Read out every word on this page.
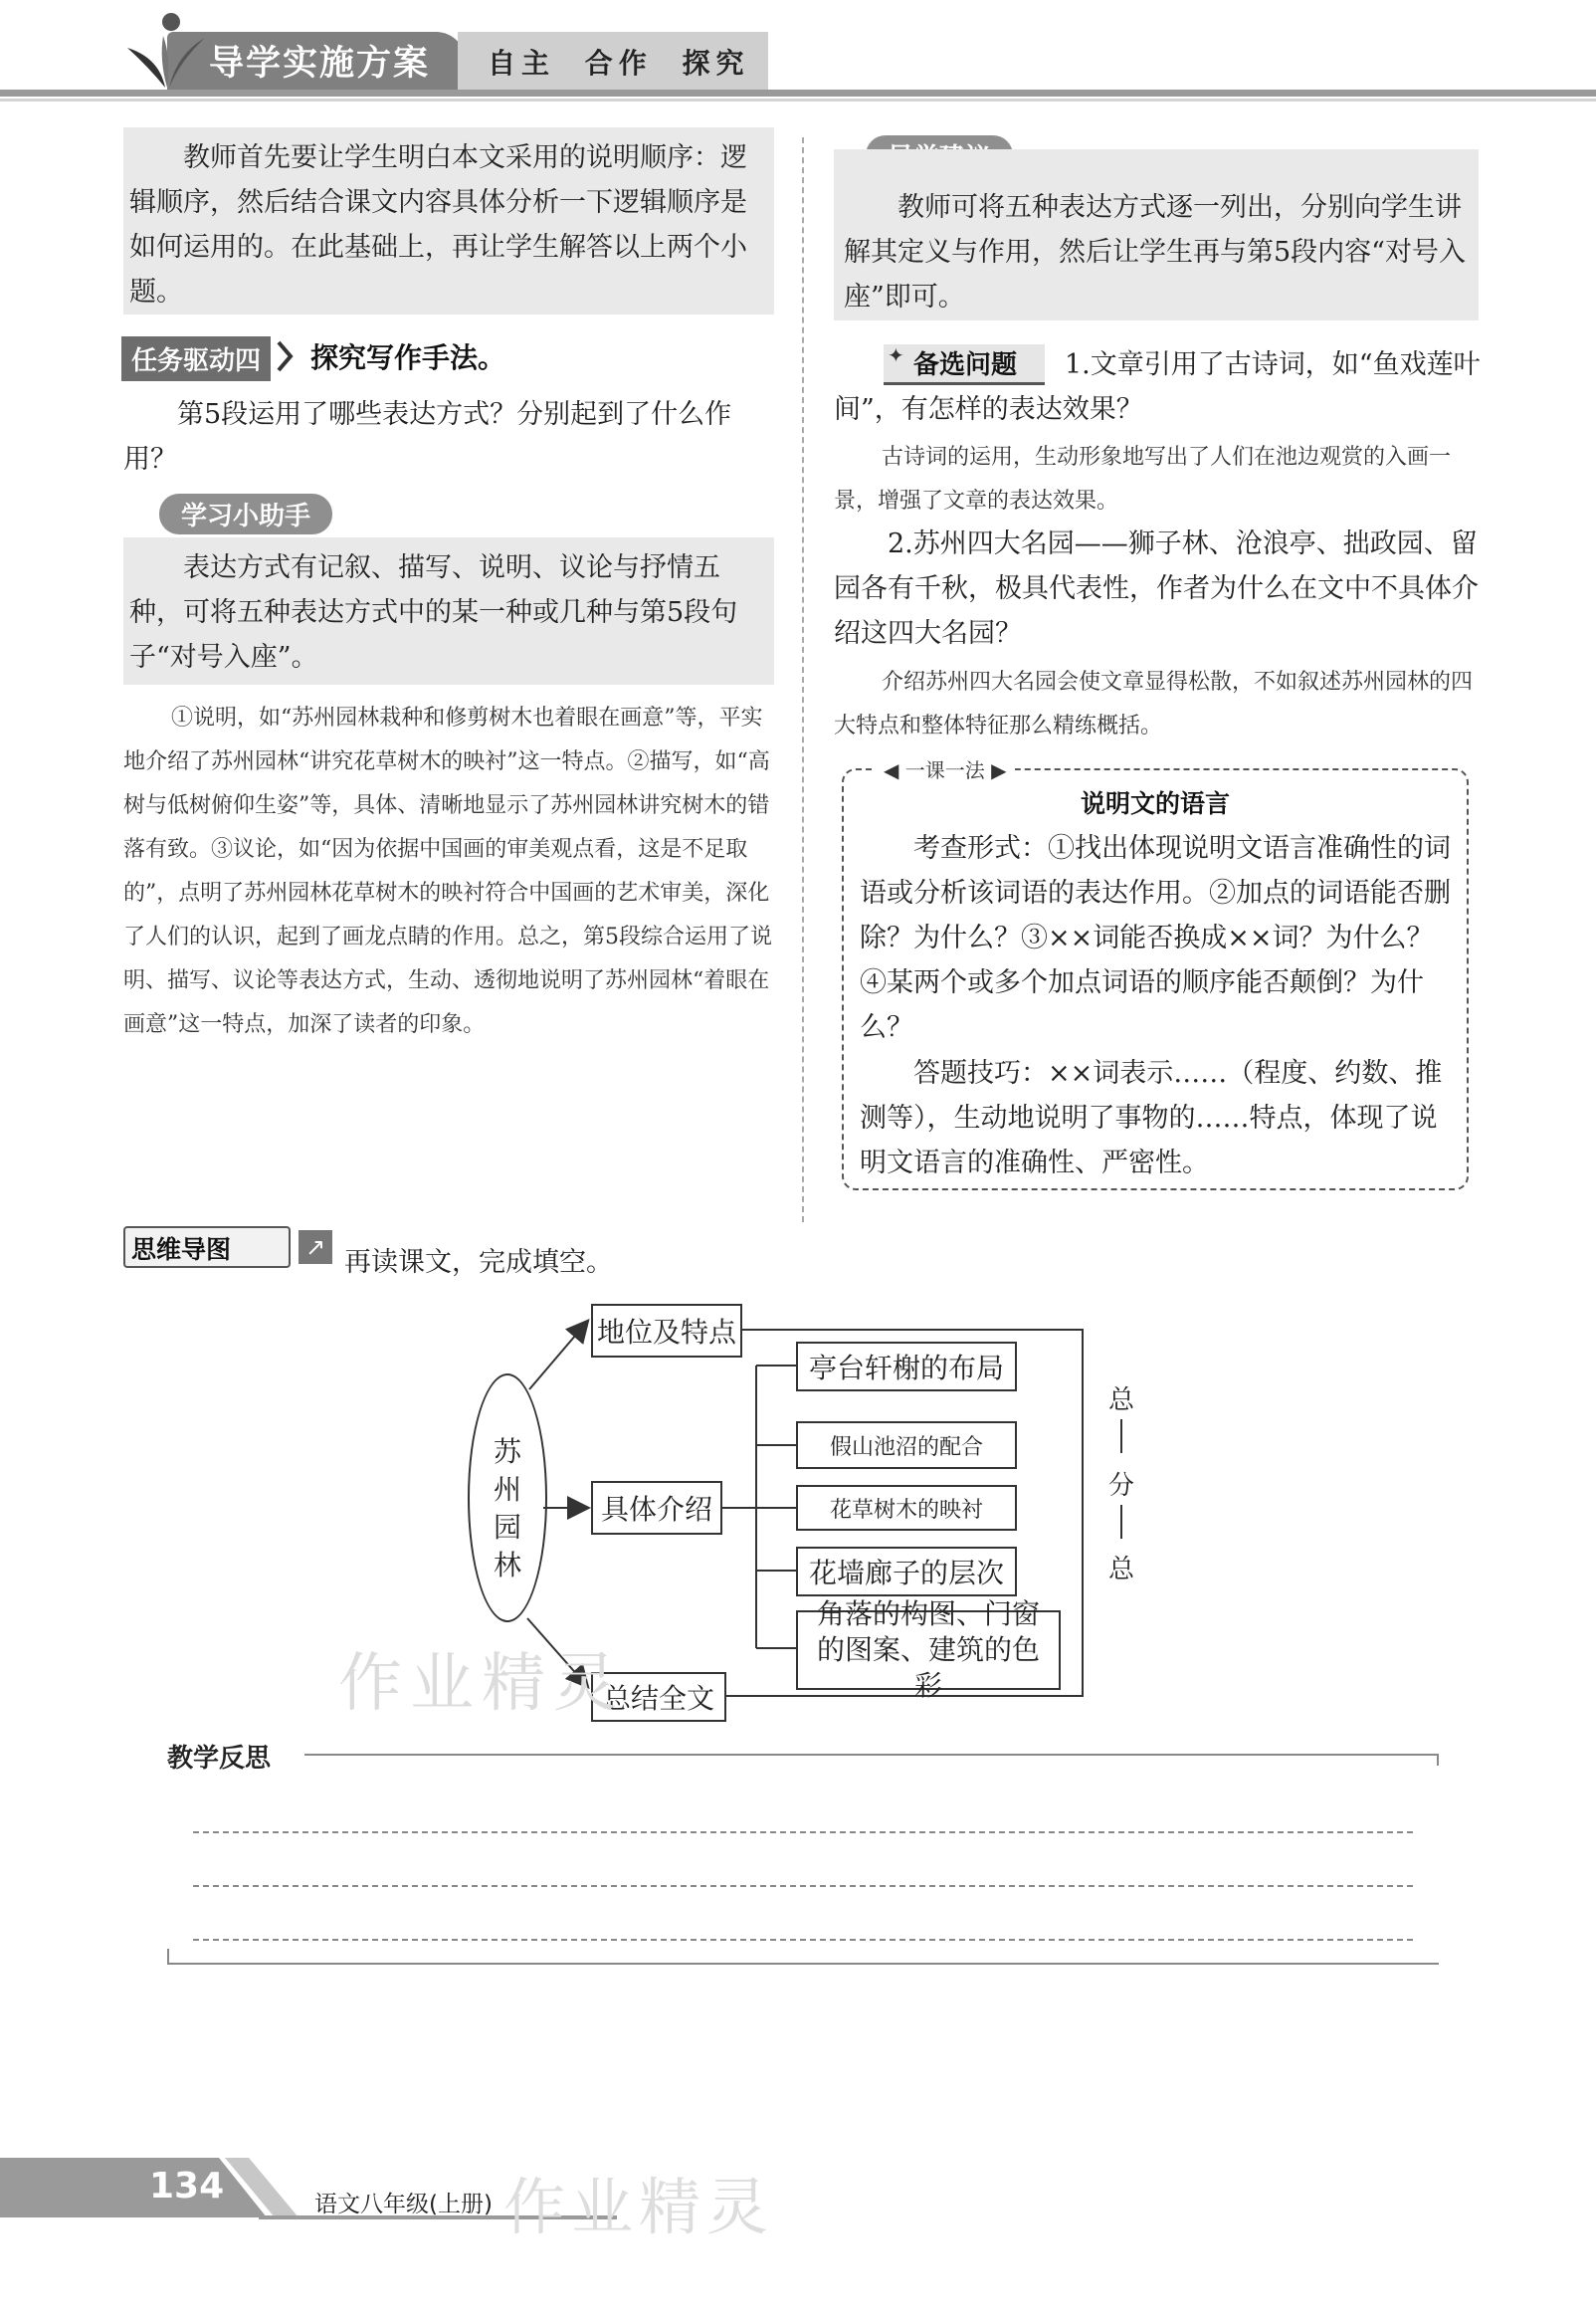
导学实施方案 自主 合作 探究
教师首先要让学生明白本文采用的说明顺序：逻辑顺序，然后结合课文内容具体分析一下逻辑顺序是如何运用的。在此基础上，再让学生解答以上两个小题。
任务驱动四	探究写作手法。
第5段运用了哪些表达方式？分别起到了什么作用？
学习小助手
表达方式有记叙、描写、说明、议论与抒情五种，可将五种表达方式中的某一种或几种与第5段句子“对号入座”。
①说明，如“苏州园林栽种和修剪树木也着眼在画意”等，平实地介绍了苏州园林“讲究花草树木的映衬”这一特点。②描写，如“高树与低树俯仰生姿”等，具体、清晰地显示了苏州园林讲究树木的错落有致。③议论，如“因为依据中国画的审美观点看，这是不足取的”，点明了苏州园林花草树木的映衬符合中国画的艺术审美，深化了人们的认识，起到了画龙点睛的作用。总之，第5段综合运用了说明、描写、议论等表达方式，生动、透彻地说明了苏州园林“着眼在画意”这一特点，加深了读者的印象。
教师可将五种表达方式逐一列出，分别向学生讲解其定义与作用，然后让学生再与第5段内容“对号入座”即可。
✦ 备选问题	1.文章引用了古诗词，如“鱼戏莲叶间”，有怎样的表达效果？
古诗词的运用，生动形象地写出了人们在池边观赏的入画一景，增强了文章的表达效果。
2.苏州四大名园——狮子林、沧浪亭、拙政园、留园各有千秋，极具代表性，作者为什么在文中不具体介绍这四大名园？
介绍苏州四大名园会使文章显得松散，不如叙述苏州园林的四大特点和整体特征那么精练概括。
◀ 一课一法 ▶
说明文的语言
考查形式：①找出体现说明文语言准确性的词语或分析该词语的表达作用。②加点的词语能否删除？为什么？③××词能否换成××词？为什么？④某两个或多个加点词语的顺序能否颠倒？为什么？
答题技巧：××词表示……（程度、约数、推测等），生动地说明了事物的……特点，体现了说明文语言的准确性、严密性。
思维导图	↗ 再读课文，完成填空。
苏州园林
地位及特点
具体介绍
总结全文
亭台轩榭的布局
假山池沼的配合
花草树木的映衬
花墙廊子的层次
角落的构图、门窗的图案、建筑的色彩
总
分
总
作业精灵
教学反思
134	语文八年级(上册) 作业精灵
